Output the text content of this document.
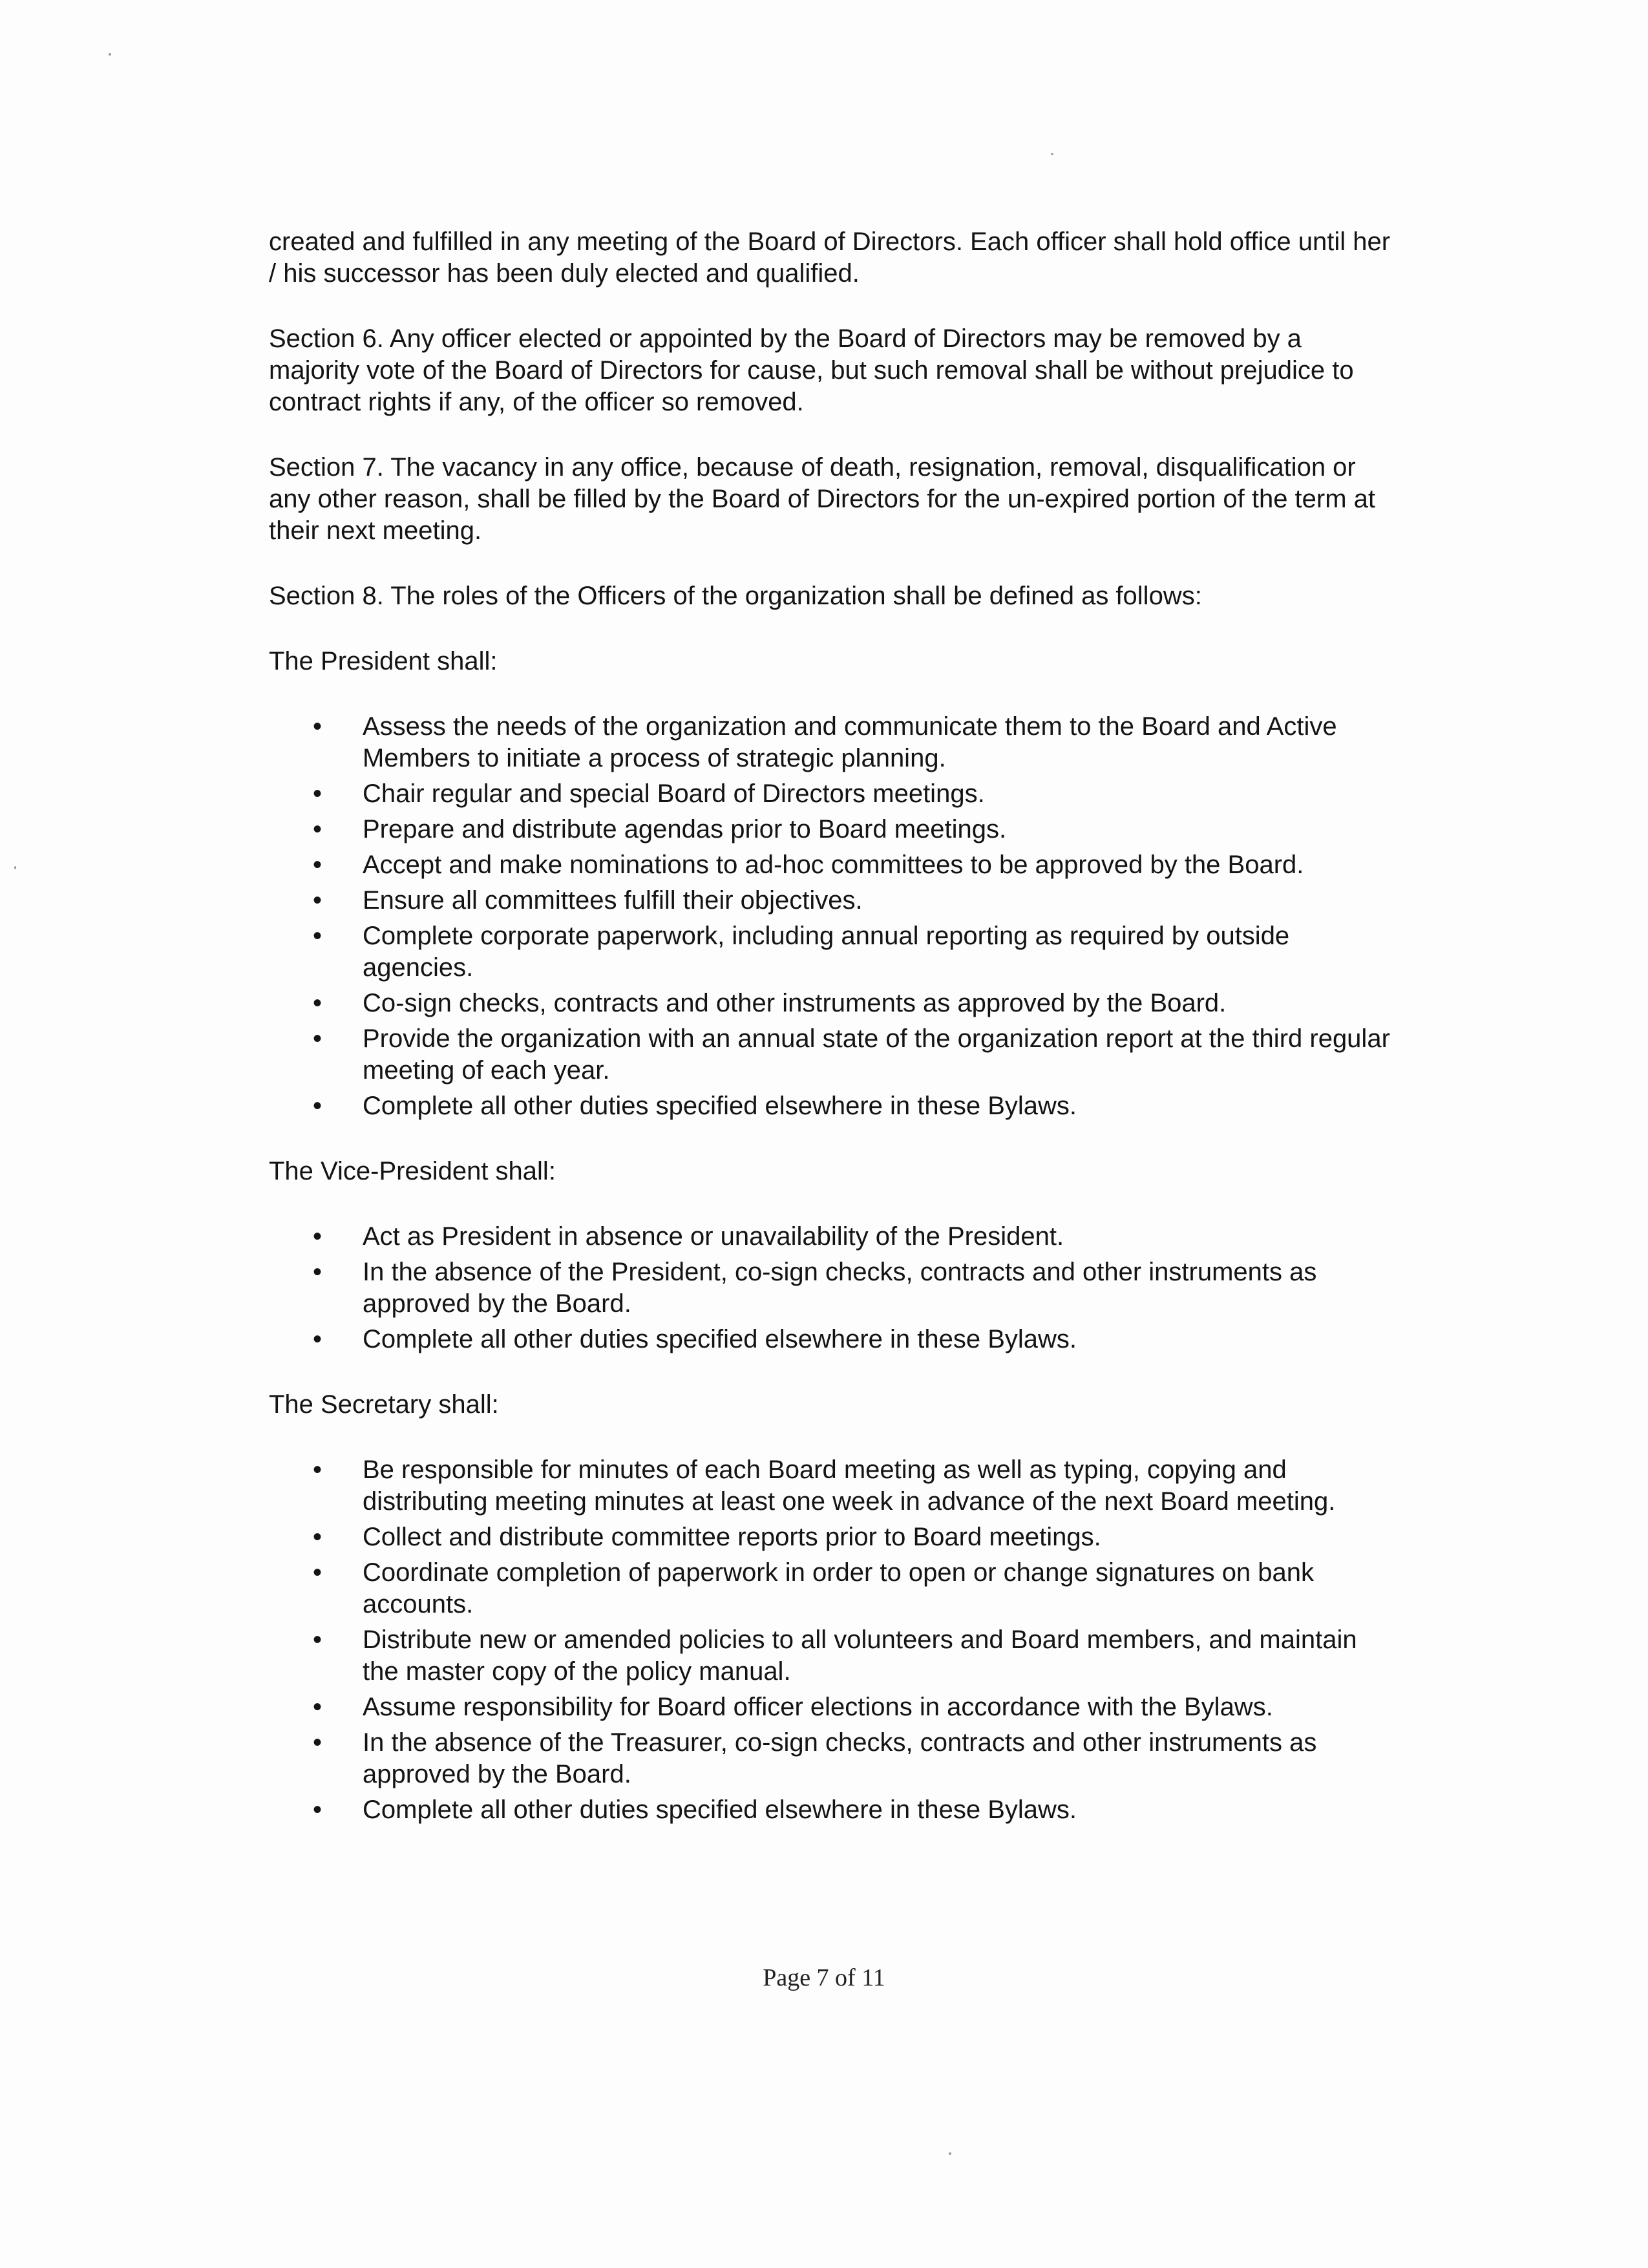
created and fulfilled in any meeting of the Board of Directors. Each officer shall hold office until her / his successor has been duly elected and qualified.

Section 6. Any officer elected or appointed by the Board of Directors may be removed by a majority vote of the Board of Directors for cause, but such removal shall be without prejudice to contract rights if any, of the officer so removed.

Section 7. The vacancy in any office, because of death, resignation, removal, disqualification or any other reason, shall be filled by the Board of Directors for the un-expired portion of the term at their next meeting.

Section 8. The roles of the Officers of the organization shall be defined as follows:

The President shall:

• Assess the needs of the organization and communicate them to the Board and Active Members to initiate a process of strategic planning.
• Chair regular and special Board of Directors meetings.
• Prepare and distribute agendas prior to Board meetings.
• Accept and make nominations to ad-hoc committees to be approved by the Board.
• Ensure all committees fulfill their objectives.
• Complete corporate paperwork, including annual reporting as required by outside agencies.
• Co-sign checks, contracts and other instruments as approved by the Board.
• Provide the organization with an annual state of the organization report at the third regular meeting of each year.
• Complete all other duties specified elsewhere in these Bylaws.

The Vice-President shall:

• Act as President in absence or unavailability of the President.
• In the absence of the President, co-sign checks, contracts and other instruments as approved by the Board.
• Complete all other duties specified elsewhere in these Bylaws.

The Secretary shall:

• Be responsible for minutes of each Board meeting as well as typing, copying and distributing meeting minutes at least one week in advance of the next Board meeting.
• Collect and distribute committee reports prior to Board meetings.
• Coordinate completion of paperwork in order to open or change signatures on bank accounts.
• Distribute new or amended policies to all volunteers and Board members, and maintain the master copy of the policy manual.
• Assume responsibility for Board officer elections in accordance with the Bylaws.
• In the absence of the Treasurer, co-sign checks, contracts and other instruments as approved by the Board.
• Complete all other duties specified elsewhere in these Bylaws.
Page 7 of 11
